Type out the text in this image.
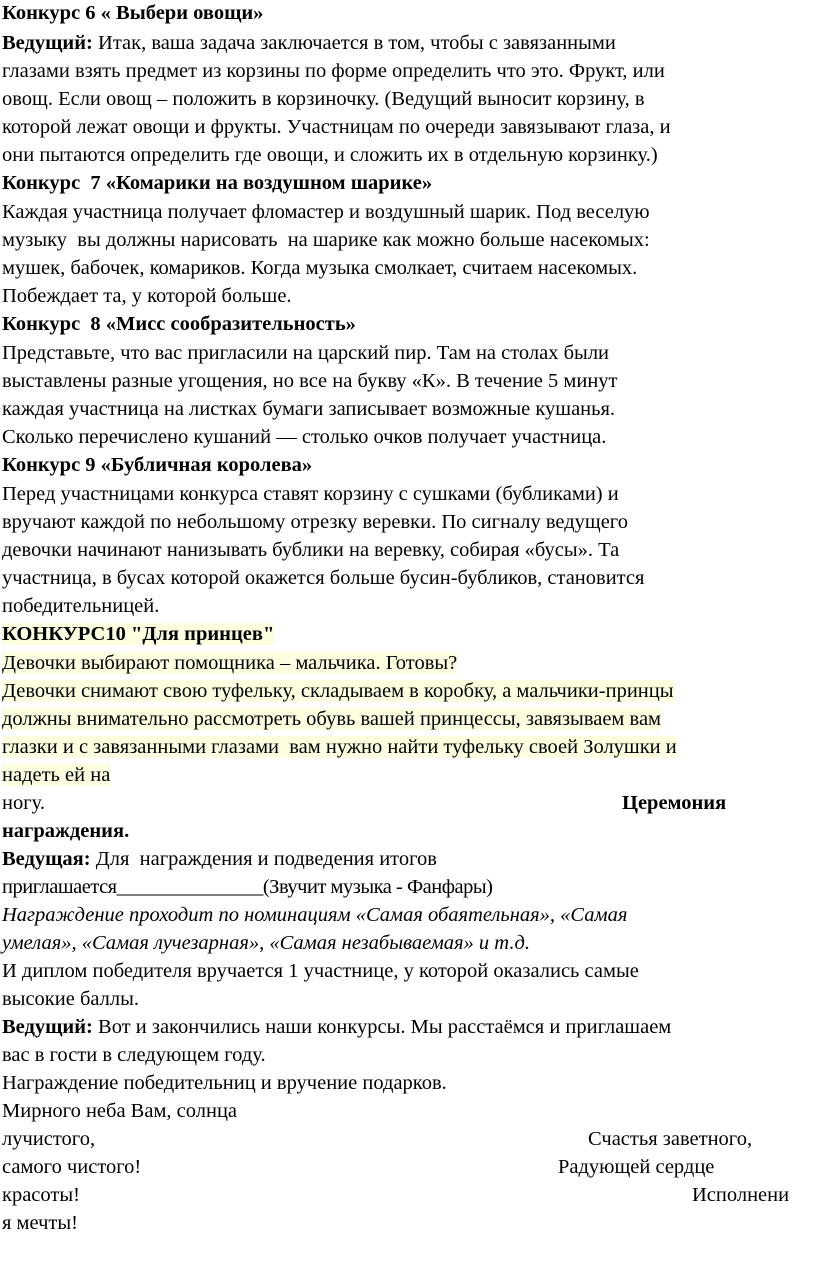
Конкурс 6 « Выбери овощи»
Ведущий: Итак, ваша задача заключается в том, чтобы с завязанными
глазами взять предмет из корзины по форме определить что это. Фрукт, или
овощ. Если овощ – положить в корзиночку. (Ведущий выносит корзину, в
которой лежат овощи и фрукты. Участницам по очереди завязывают глаза, и
они пытаются определить где овощи, и сложить их в отдельную корзинку.)
Конкурс  7 «Комарики на воздушном шарике»
Каждая участница получает фломастер и воздушный шарик. Под веселую
музыку  вы должны нарисовать  на шарике как можно больше насекомых:
мушек, бабочек, комариков. Когда музыка смолкает, считаем насекомых.
Побеждает та, у которой больше.
Конкурс  8 «Мисс сообразительность»
Представьте, что вас пригласили на царский пир. Там на столах были
выставлены разные угощения, но все на букву «К». В течение 5 минут
каждая участница на листках бумаги записывает возможные кушанья.
Сколько перечислено кушаний — столько очков получает участница.
Конкурс 9 «Бубличная королева»
Перед участницами конкурса ставят корзину с сушками (бубликами) и
вручают каждой по небольшому отрезку веревки. По сигналу ведущего
девочки начинают нанизывать бублики на веревку, собирая «бусы». Та
участница, в бусах которой окажется больше бусин-бубликов, становится
победительницей.
КОНКУРС10 "Для принцев"
Девочки выбирают помощника – мальчика. Готовы?
Девочки снимают свою туфельку, складываем в коробку, а мальчики-принцы
должны внимательно рассмотреть обувь вашей принцессы, завязываем вам
глазки и с завязанными глазами  вам нужно найти туфельку своей Золушки и
надеть ей на
ногу.	Церемония
награждения.
Ведущая: Для  награждения и подведения итогов
приглашается_______________(Звучит музыка - Фанфары)
Награждение проходит по номинациям «Самая обаятельная», «Самая
умелая», «Самая лучезарная», «Самая незабываемая» и т.д.
И диплом победителя вручается 1 участнице, у которой оказались самые
высокие баллы.
Ведущий: Вот и закончились наши конкурсы. Мы расстаёмся и приглашаем
вас в гости в следующем году.
Награждение победительниц и вручение подарков.
Мирного неба Вам, солнца
лучистого,	Счастья заветного,
самого чистого!	Радующей сердце
красоты!	Исполнени
я мечты!
